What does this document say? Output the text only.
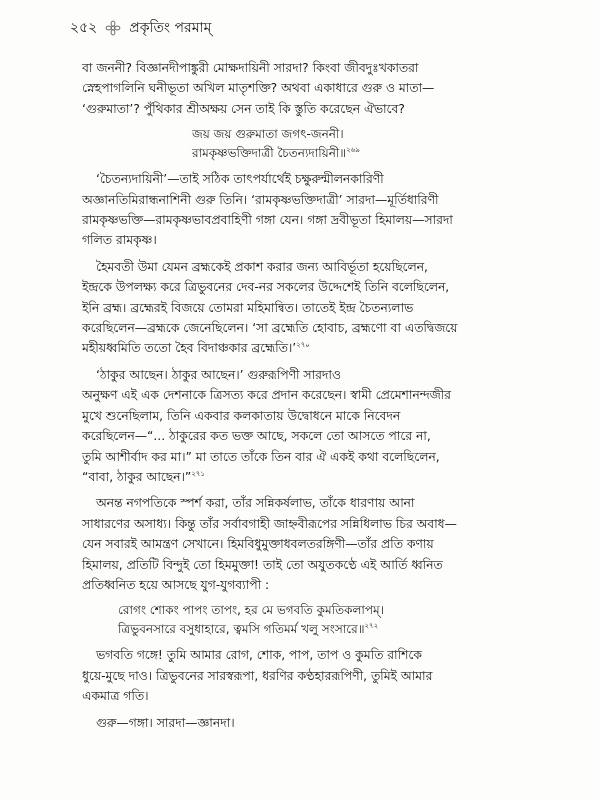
২৫২ প্রকৃতিং পরমাম্

বা জননী? বিজ্ঞানদীপাঙ্কুরী মোক্ষদায়িনী সারদা? কিংবা জীবদুঃখকাতরা

স্নেহপাগলিনি ঘনীভূতা অখিল মাতৃশক্তি? অথবা একাধারে গুরু ও মাতা—

‘গুরুমাতা’? পুঁথিকার শ্রীঅক্ষয় সেন তাই কি স্তুতি করেছেন ঐভাবে?

জয় জয় গুরুমাতা জগৎ-জননী।

রামকৃষ্ণভক্তিদাত্রী চৈতন্যদায়িনী॥$^{২৬৯}$

‘চৈতন্যদায়িনী’—তাই সঠিক তাৎপর্যার্থেই চক্ষুরুন্মীলনকারিণী

অজ্ঞানতিমিরান্ধনাশিনী গুরু তিনি। ‘রামকৃষ্ণভক্তিদাত্রী’ সারদা—মূর্তিধারিণী

রামকৃষ্ণভক্তি—রামকৃষ্ণভাবপ্রবাহিণী গঙ্গা যেন। গঙ্গা দ্রবীভূতা হিমালয়—সারদা

গলিত রামকৃষ্ণ।

হৈমবতী উমা যেমন ব্রহ্মকেই প্রকাশ করার জন্য আবির্ভূতা হয়েছিলেন,

ইন্দ্রকে উপলক্ষ্য করে ত্রিভুবনের দেব-নর সকলের উদ্দেশেই তিনি বলেছিলেন,

ইনি ব্রহ্ম। ব্রহ্মেরই বিজয়ে তোমরা মহিমান্বিত। তাতেই ইন্দ্র চৈতন্যলাভ

করেছিলেন—ব্রহ্মকে জেনেছিলেন। ‘সা ব্রহ্মেতি হোবাচ, ব্রহ্মণো বা এতদ্বিজয়ে

মহীয়ধ্বমিতি ততো হৈব বিদাঞ্চকার ব্রহ্মেতি।’$^{২৭০}$

‘ঠাকুর আছেন। ঠাকুর আছেন।’ গুরুরূপিণী সারদাও

অনুক্ষণ এই এক দেশনাকে ত্রিসত্য করে প্রদান করেছেন। স্বামী প্রেমেশানন্দজীর

মুখে শুনেছিলাম, তিনি একবার কলকাতায় উদ্বোধনে মাকে নিবেদন

করেছিলেন—“... ঠাকুরের কত ভক্ত আছে, সকলে তো আসতে পারে না,

তুমি আশীর্বাদ কর মা।” মা তাতে তাঁকে তিন বার ঐ একই কথা বলেছিলেন,

“বাবা, ঠাকুর আছেন।”$^{২৭১}$

অনন্ত নগপতিকে স্পর্শ করা, তাঁর সন্নিকর্ষলাভ, তাঁকে ধারণায় আনা

সাধারণের অসাধ্য। কিন্তু তাঁর সর্বাবগাহী জাহ্নবীরূপের সন্নিধিলাভ চির অবাধ—

যেন সবারই আমন্ত্রণ সেখানে। হিমবিধুমুক্তাধবলতরঙ্গিণী—তাঁর প্রতি কণায়

হিমালয়, প্রতিটি বিন্দুই তো হিমমুক্তা! তাই তো অযুতকণ্ঠে এই আর্তি ধ্বনিত

প্রতিধ্বনিত হয়ে আসছে যুগ-যুগব্যাপী :

রোগং শোকং পাপং তাপং, হর মে ভগবতি কুমতিকলাপম্।

ত্রিভুবনসারে বসুধাহারে, ত্বমসি গতিমর্ম খলু সংসারে॥$^{২৭২}$

ভগবতি গঙ্গে! তুমি আমার রোগ, শোক, পাপ, তাপ ও কুমতি রাশিকে

ধুয়ে-মুছে দাও। ত্রিভুবনের সারস্বরূপা, ধরণির কণ্ঠহাররূপিণী, তুমিই আমার

একমাত্র গতি।

গুরু—গঙ্গা। সারদা—জ্ঞানদা।
